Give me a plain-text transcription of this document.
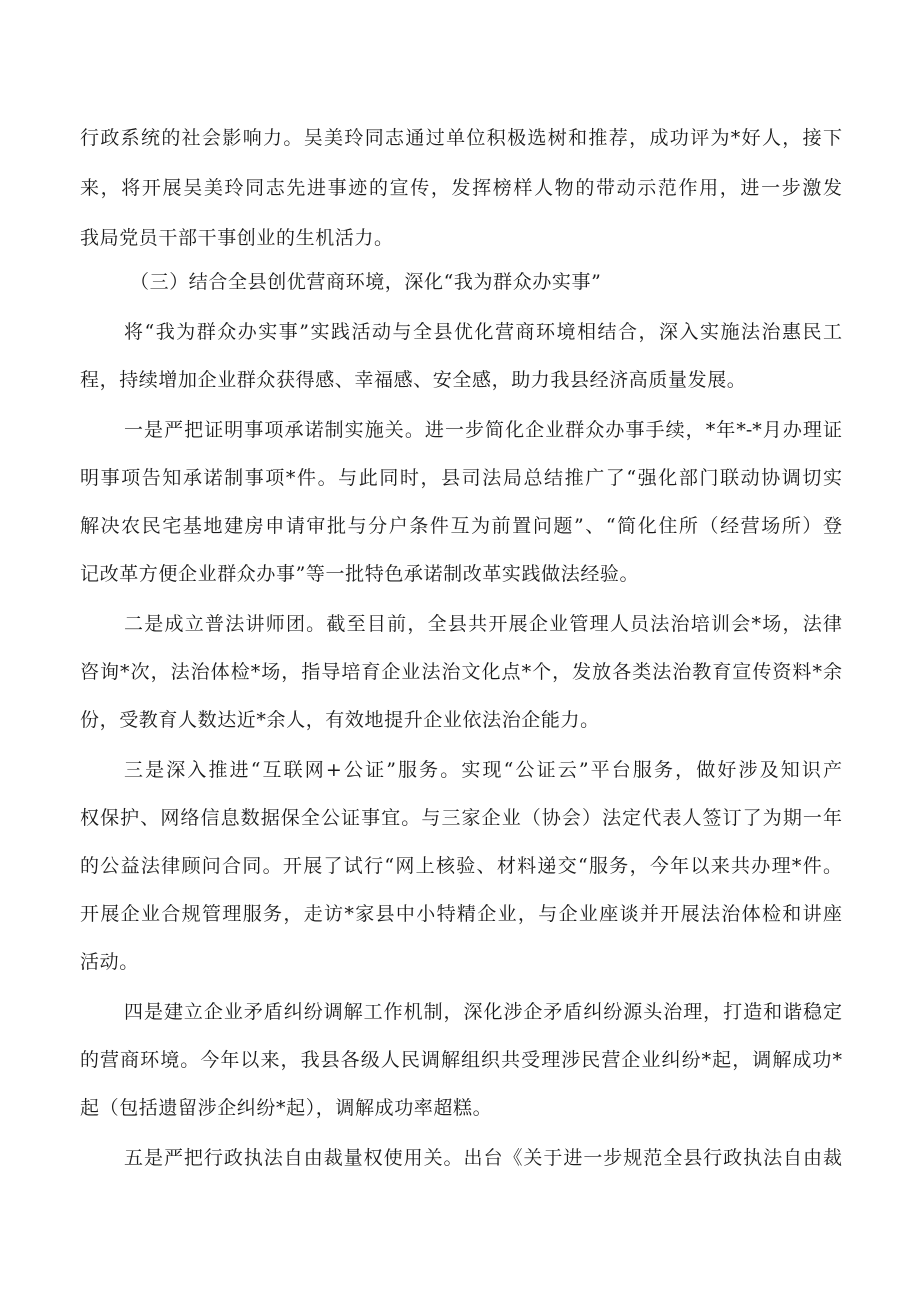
行政系统的社会影响力。吴美玲同志通过单位积极选树和推荐，成功评为*好人，接下
来，将开展吴美玲同志先进事迹的宣传，发挥榜样人物的带动示范作用，进一步激发
我局党员干部干事创业的生机活力。
（三）结合全县创优营商环境，深化“我为群众办实事”
将“我为群众办实事”实践活动与全县优化营商环境相结合，深入实施法治惠民工
程，持续增加企业群众获得感、幸福感、安全感，助力我县经济高质量发展。
一是严把证明事项承诺制实施关。进一步简化企业群众办事手续，*年*-*月办理证
明事项告知承诺制事项*件。与此同时，县司法局总结推广了“强化部门联动协调切实
解决农民宅基地建房申请审批与分户条件互为前置问题”、“简化住所（经营场所）登
记改革方便企业群众办事”等一批特色承诺制改革实践做法经验。
二是成立普法讲师团。截至目前，全县共开展企业管理人员法治培训会*场，法律
咨询*次，法治体检*场，指导培育企业法治文化点*个，发放各类法治教育宣传资料*余
份，受教育人数达近*余人，有效地提升企业依法治企能力。
三是深入推进“互联网+公证”服务。实现“公证云”平台服务，做好涉及知识产
权保护、网络信息数据保全公证事宜。与三家企业（协会）法定代表人签订了为期一年
的公益法律顾问合同。开展了试行“网上核验、材料递交“服务，今年以来共办理*件。
开展企业合规管理服务，走访*家县中小特精企业，与企业座谈并开展法治体检和讲座
活动。
四是建立企业矛盾纠纷调解工作机制，深化涉企矛盾纠纷源头治理，打造和谐稳定
的营商环境。今年以来，我县各级人民调解组织共受理涉民营企业纠纷*起，调解成功*
起（包括遗留涉企纠纷*起），调解成功率超糕。
五是严把行政执法自由裁量权使用关。出台《关于进一步规范全县行政执法自由裁
